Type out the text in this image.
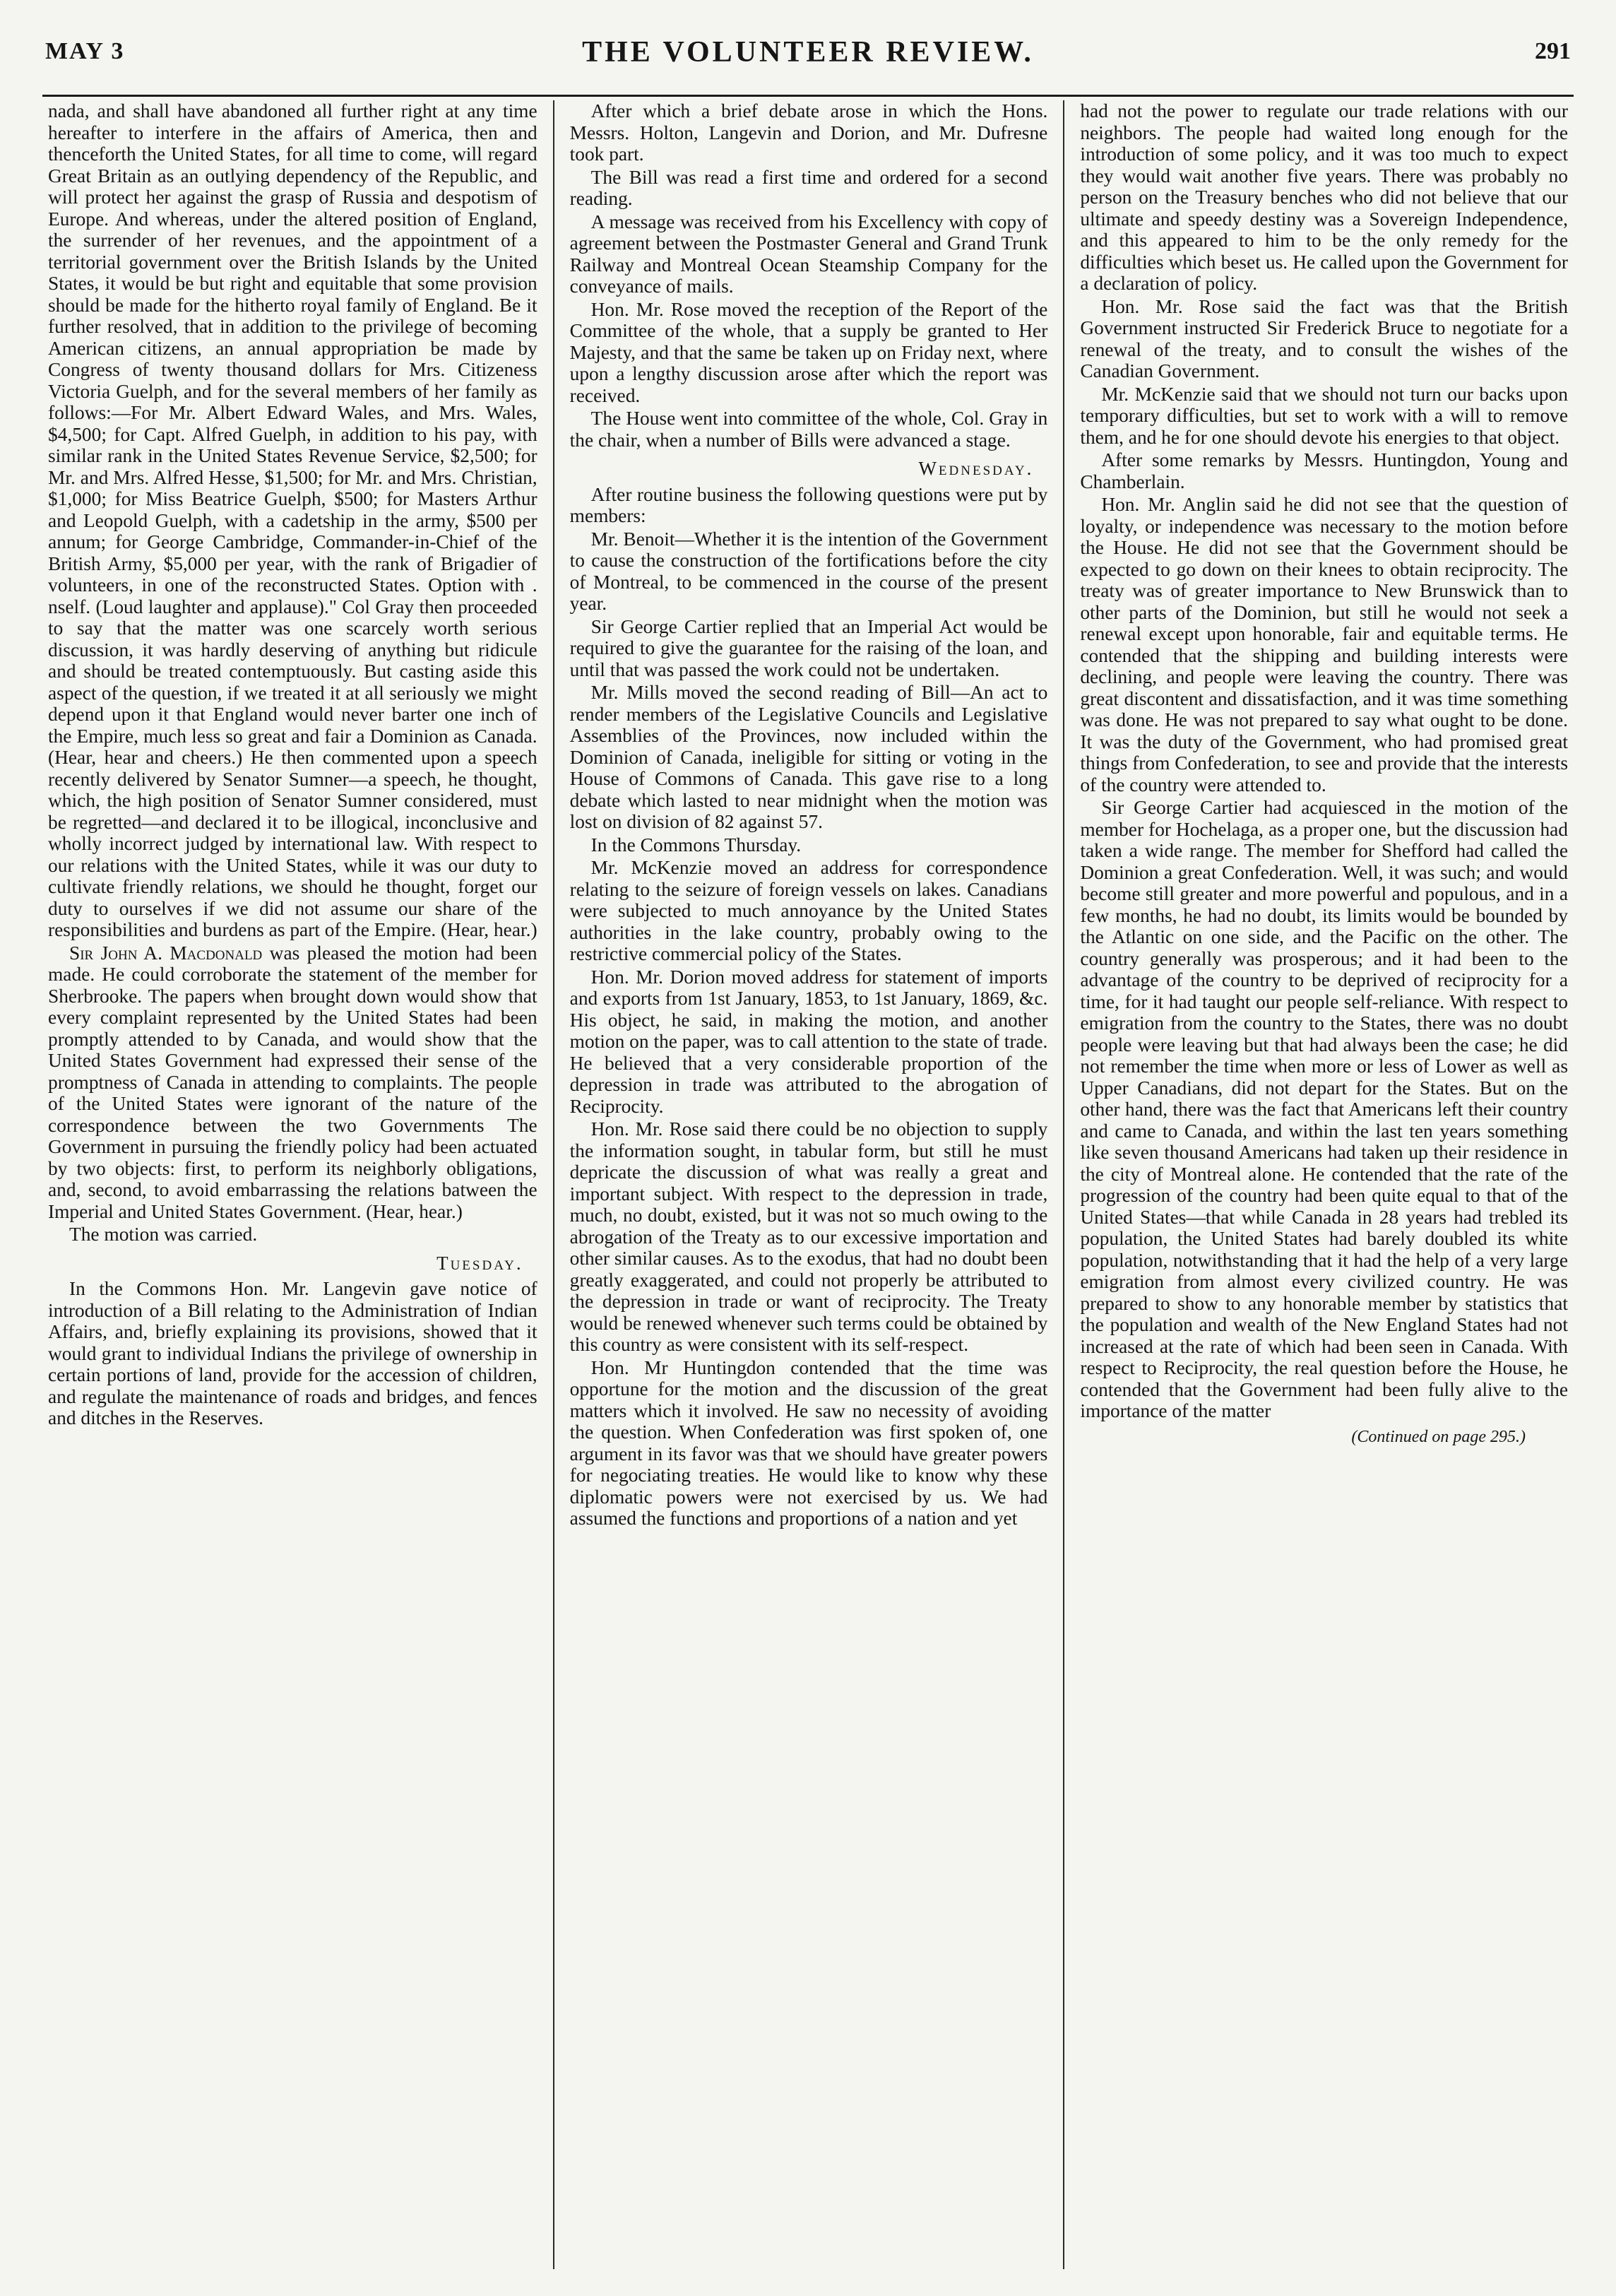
MAY 3	THE VOLUNTEER REVIEW.	291

nada, and shall have abandoned all further right at any time hereafter to interfere in the affairs of America, then and thenceforth the United States, for all time to come, will regard Great Britain as an outlying dependency of the Republic, and will protect her against the grasp of Russia and despotism of Europe. And whereas, under the altered position of England, the surrender of her revenues, and the appointment of a territorial government over the British Islands by the United States, it would be but right and equitable that some provision should be made for the hitherto royal family of England. Be it further resolved, that in addition to the privilege of becoming American citizens, an annual appropriation be made by Congress of twenty thousand dollars for Mrs. Citizeness Victoria Guelph, and for the several members of her family as follows:—For Mr. Albert Edward Wales, and Mrs. Wales, $4,500; for Capt. Alfred Guelph, in addition to his pay, with similar rank in the United States Revenue Service, $2,500; for Mr. and Mrs. Alfred Hesse, $1,500; for Mr. and Mrs. Christian, $1,000; for Miss Beatrice Guelph, $500; for Masters Arthur and Leopold Guelph, with a cadetship in the army, $500 per annum; for George Cambridge, Commander-in-Chief of the British Army, $5,000 per year, with the rank of Brigadier of volunteers, in one of the reconstructed States. Option with . nself. (Loud laughter and applause)." Col Gray then proceeded to say that the matter was one scarcely worth serious discussion, it was hardly deserving of anything but ridicule and should be treated contemptuously. But casting aside this aspect of the question, if we treated it at all seriously we might depend upon it that England would never barter one inch of the Empire, much less so great and fair a Dominion as Canada. (Hear, hear and cheers.) He then commented upon a speech recently delivered by Senator Sumner—a speech, he thought, which, the high position of Senator Sumner considered, must be regretted—and declared it to be illogical, inconclusive and wholly incorrect judged by international law. With respect to our relations with the United States, while it was our duty to cultivate friendly relations, we should he thought, forget our duty to ourselves if we did not assume our share of the responsibilities and burdens as part of the Empire. (Hear, hear.)

Sir John A. Macdonald was pleased the motion had been made. He could corroborate the statement of the member for Sherbrooke. The papers when brought down would show that every complaint represented by the United States had been promptly attended to by Canada, and would show that the United States Government had expressed their sense of the promptness of Canada in attending to complaints. The people of the United States were ignorant of the nature of the correspondence between the two Governments The Government in pursuing the friendly policy had been actuated by two objects: first, to perform its neighborly obligations, and, second, to avoid embarrassing the relations batween the Imperial and United States Government. (Hear, hear.)

The motion was carried.

Tuesday.

In the Commons Hon. Mr. Langevin gave notice of introduction of a Bill relating to the Administration of Indian Affairs, and, briefly explaining its provisions, showed that it would grant to individual Indians the privilege of ownership in certain portions of land, provide for the accession of children, and regulate the maintenance of roads and bridges, and fences and ditches in the Reserves.

After which a brief debate arose in which the Hons. Messrs. Holton, Langevin and Dorion, and Mr. Dufresne took part.

The Bill was read a first time and ordered for a second reading.

A message was received from his Excellency with copy of agreement between the Postmaster General and Grand Trunk Railway and Montreal Ocean Steamship Company for the conveyance of mails.

Hon. Mr. Rose moved the reception of the Report of the Committee of the whole, that a supply be granted to Her Majesty, and that the same be taken up on Friday next, where upon a lengthy discussion arose after which the report was received.

The House went into committee of the whole, Col. Gray in the chair, when a number of Bills were advanced a stage.

Wednesday.

After routine business the following questions were put by members:

Mr. Benoit—Whether it is the intention of the Government to cause the construction of the fortifications before the city of Montreal, to be commenced in the course of the present year.

Sir George Cartier replied that an Imperial Act would be required to give the guarantee for the raising of the loan, and until that was passed the work could not be undertaken.

Mr. Mills moved the second reading of Bill—An act to render members of the Legislative Councils and Legislative Assemblies of the Provinces, now included within the Dominion of Canada, ineligible for sitting or voting in the House of Commons of Canada. This gave rise to a long debate which lasted to near midnight when the motion was lost on division of 82 against 57.

In the Commons Thursday.

Mr. McKenzie moved an address for correspondence relating to the seizure of foreign vessels on lakes. Canadians were subjected to much annoyance by the United States authorities in the lake country, probably owing to the restrictive commercial policy of the States.

Hon. Mr. Dorion moved address for statement of imports and exports from 1st January, 1853, to 1st January, 1869, &c. His object, he said, in making the motion, and another motion on the paper, was to call attention to the state of trade. He believed that a very considerable proportion of the depression in trade was attributed to the abrogation of Reciprocity.

Hon. Mr. Rose said there could be no objection to supply the information sought, in tabular form, but still he must depricate the discussion of what was really a great and important subject. With respect to the depression in trade, much, no doubt, existed, but it was not so much owing to the abrogation of the Treaty as to our excessive importation and other similar causes. As to the exodus, that had no doubt been greatly exaggerated, and could not properly be attributed to the depression in trade or want of reciprocity. The Treaty would be renewed whenever such terms could be obtained by this country as were consistent with its self-respect.

Hon. Mr Huntingdon contended that the time was opportune for the motion and the discussion of the great matters which it involved. He saw no necessity of avoiding the question. When Confederation was first spoken of, one argument in its favor was that we should have greater powers for negociating treaties. He would like to know why these diplomatic powers were not exercised by us. We had assumed the functions and proportions of a nation and yet

had not the power to regulate our trade relations with our neighbors. The people had waited long enough for the introduction of some policy, and it was too much to expect they would wait another five years. There was probably no person on the Treasury benches who did not believe that our ultimate and speedy destiny was a Sovereign Independence, and this appeared to him to be the only remedy for the difficulties which beset us. He called upon the Government for a declaration of policy.

Hon. Mr. Rose said the fact was that the British Government instructed Sir Frederick Bruce to negotiate for a renewal of the treaty, and to consult the wishes of the Canadian Government.

Mr. McKenzie said that we should not turn our backs upon temporary difficulties, but set to work with a will to remove them, and he for one should devote his energies to that object.

After some remarks by Messrs. Huntingdon, Young and Chamberlain.

Hon. Mr. Anglin said he did not see that the question of loyalty, or independence was necessary to the motion before the House. He did not see that the Government should be expected to go down on their knees to obtain reciprocity. The treaty was of greater importance to New Brunswick than to other parts of the Dominion, but still he would not seek a renewal except upon honorable, fair and equitable terms. He contended that the shipping and building interests were declining, and people were leaving the country. There was great discontent and dissatisfaction, and it was time something was done. He was not prepared to say what ought to be done. It was the duty of the Government, who had promised great things from Confederation, to see and provide that the interests of the country were attended to.

Sir George Cartier had acquiesced in the motion of the member for Hochelaga, as a proper one, but the discussion had taken a wide range. The member for Shefford had called the Dominion a great Confederation. Well, it was such; and would become still greater and more powerful and populous, and in a few months, he had no doubt, its limits would be bounded by the Atlantic on one side, and the Pacific on the other. The country generally was prosperous; and it had been to the advantage of the country to be deprived of reciprocity for a time, for it had taught our people self-reliance. With respect to emigration from the country to the States, there was no doubt people were leaving but that had always been the case; he did not remember the time when more or less of Lower as well as Upper Canadians, did not depart for the States. But on the other hand, there was the fact that Americans left their country and came to Canada, and within the last ten years something like seven thousand Americans had taken up their residence in the city of Montreal alone. He contended that the rate of the progression of the country had been quite equal to that of the United States—that while Canada in 28 years had trebled its population, the United States had barely doubled its white population, notwithstanding that it had the help of a very large emigration from almost every civilized country. He was prepared to show to any honorable member by statistics that the population and wealth of the New England States had not increased at the rate of which had been seen in Canada. With respect to Reciprocity, the real question before the House, he contended that the Government had been fully alive to the importance of the matter

(Continued on page 295.)
